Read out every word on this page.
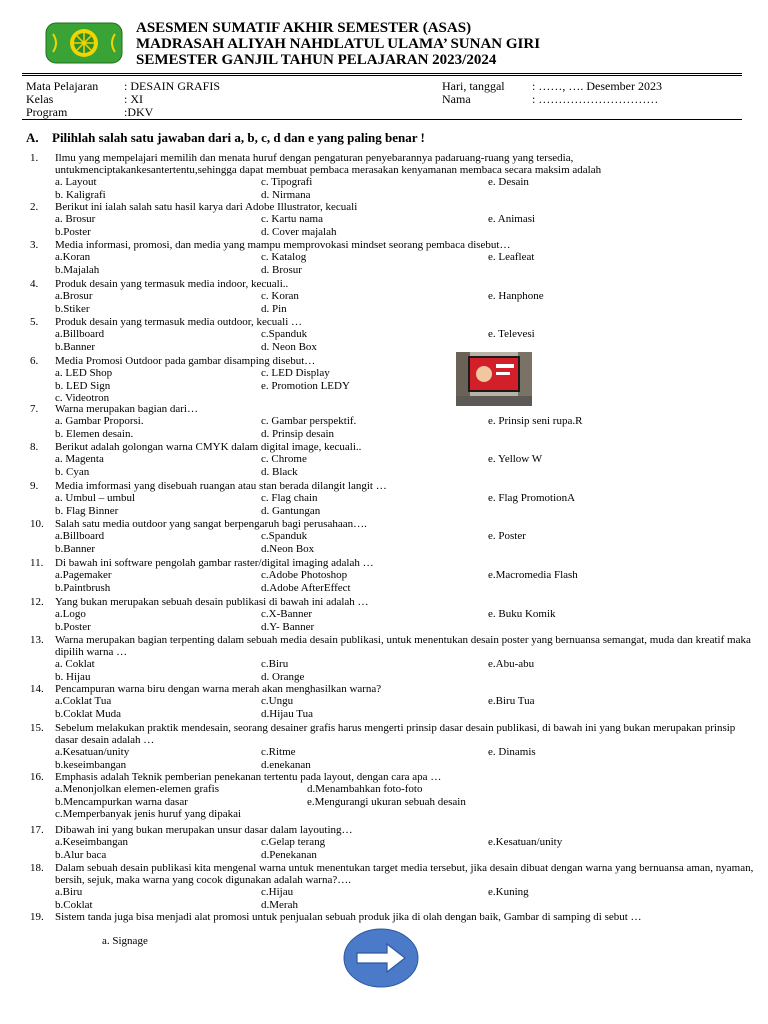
ASESMEN SUMATIF AKHIR SEMESTER (ASAS)
MADRASAH ALIYAH NAHDLATUL ULAMA’ SUNAN GIRI
SEMESTER GANJIL TAHUN PELAJARAN 2023/2024
Mata Pelajaran : DESAIN GRAFIS
Kelas	: XI
Program	:DKV
Hari, tanggal : ……, …. Desember 2023
Nama	: …………………………
A. Pilihlah salah satu jawaban dari a, b, c, d dan e yang paling benar !
1.	Ilmu yang mempelajari memilih dan menata huruf dengan pengaturan penyebarannya padaruang-ruang yang tersedia, untukmenciptakankesantertentu,sehingga dapat membuat pembaca merasakan kenyamanan membaca secara maksim adalah
a. Layout	c. Tipografi	e. Desain
b. Kaligrafi	d. Nirmana
2.	Berikut ini ialah salah satu hasil karya dari Adobe Illustrator, kecuali
a. Brosur	c. Kartu nama	e. Animasi
b.Poster	d. Cover majalah
3.	Media informasi, promosi, dan media yang mampu memprovokasi mindset seorang pembaca disebut…
a.Koran	c. Katalog	e. Leafleat
b.Majalah	d. Brosur
4.	Produk desain yang termasuk media indoor, kecuali..
a.Brosur	c. Koran	e. Hanphone
b.Stiker	d. Pin
5.	Produk desain yang termasuk media outdoor, kecuali …
a.Billboard	c.Spanduk	e. Televesi
b.Banner	d. Neon Box
6.	Media Promosi Outdoor pada gambar disamping disebut…
a. LED Shop	c. LED Display
b. LED Sign	e. Promotion LEDY
c. Videotron
7.	Warna merupakan bagian dari…
a. Gambar Proporsi.	c. Gambar perspektif.	e. Prinsip seni rupa.R
b. Elemen desain.	d. Prinsip desain
8.	Berikut adalah golongan warna CMYK dalam digital image, kecuali..
a. Magenta	c. Chrome	e. Yellow W
b. Cyan	d. Black
9.	Media imformasi yang disebuah ruangan atau stan berada dilangit langit …
a. Umbul – umbul	c. Flag chain	e. Flag PromotionA
b. Flag Binner	d. Gantungan
10.	Salah satu media outdoor yang sangat berpengaruh bagi perusahaan….
a.Billboard	c.Spanduk	e. Poster
b.Banner	d.Neon Box
11.	Di bawah ini software pengolah gambar raster/digital imaging adalah …
a.Pagemaker	c.Adobe Photoshop	e.Macromedia Flash
b.Paintbrush	d.Adobe AfterEffect
12.	Yang bukan merupakan sebuah desain publikasi di bawah ini adalah …
a.Logo	c.X-Banner	e. Buku Komik
b.Poster	d.Y- Banner
13.	Warna merupakan bagian terpenting dalam sebuah media desain publikasi, untuk menentukan desain poster yang bernuansa semangat, muda dan kreatif maka dipilih warna …
a. Coklat	c.Biru	e.Abu-abu
b. Hijau	d. Orange
14.	Pencampuran warna biru dengan warna merah akan menghasilkan warna?
a.Coklat Tua	c.Ungu	e.Biru Tua
b.Coklat Muda	d.Hijau Tua
15.	Sebelum melakukan praktik mendesain, seorang desainer grafis harus mengerti prinsip dasar desain publikasi, di bawah ini yang bukan merupakan prinsip dasar desain adalah …
a.Kesatuan/unity	c.Ritme	e. Dinamis
b.keseimbangan	d.enekanan
16.	Emphasis adalah Teknik pemberian penekanan tertentu pada layout, dengan cara apa …
a.Menonjolkan elemen-elemen grafis	d.Menambahkan foto-foto
b.Mencampurkan warna dasar	e.Mengurangi ukuran sebuah desain
c.Memperbanyak jenis huruf yang dipakai
17.	Dibawah ini yang bukan merupakan unsur dasar dalam layouting…
a.Keseimbangan	c.Gelap terang	e.Kesatuan/unity
b.Alur baca	d.Penekanan
18.	Dalam sebuah desain publikasi kita mengenal warna untuk menentukan target media tersebut, jika desain dibuat dengan warna yang bernuansa aman, nyaman, bersih, sejuk, maka warna yang cocok digunakan adalah warna?….
a.Biru	c.Hijau	e.Kuning
b.Coklat	d.Merah
19.	Sistem tanda juga bisa menjadi alat promosi untuk penjualan sebuah produk jika di olah dengan baik, Gambar di samping di sebut …
a. Signage
